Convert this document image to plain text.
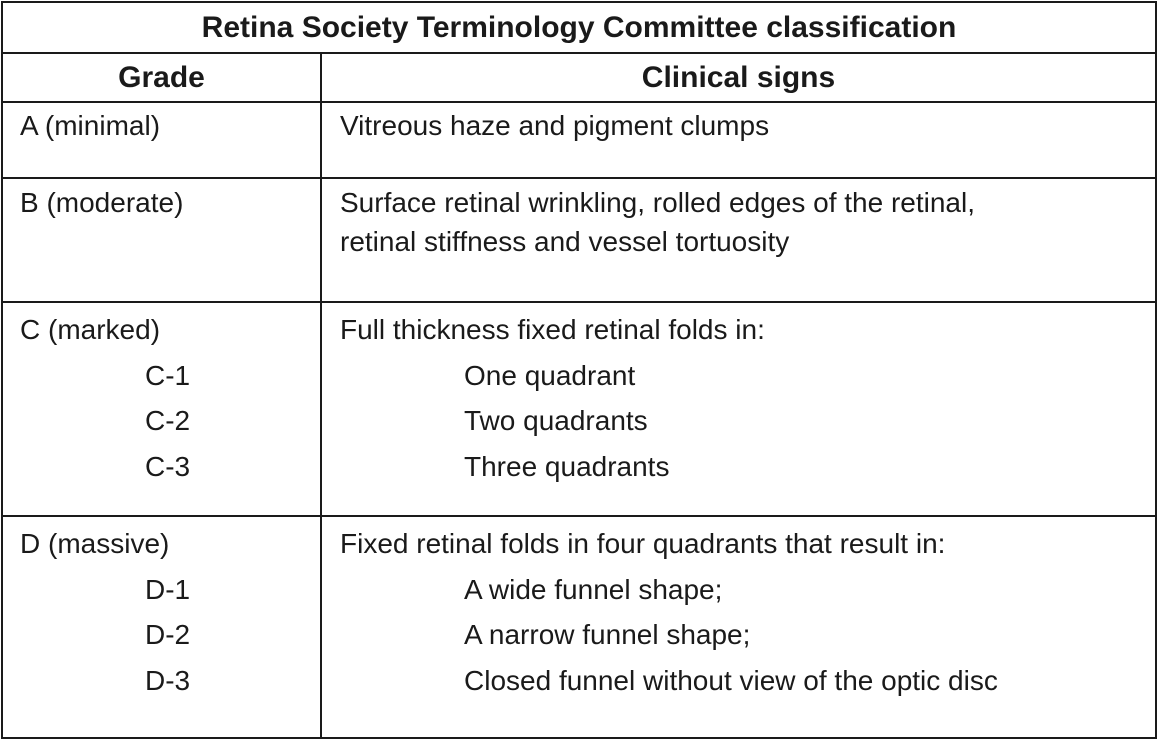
Retina Society Terminology Committee classification
Grade	Clinical signs
A (minimal)	Vitreous haze and pigment clumps
B (moderate)	Surface retinal wrinkling, rolled edges of the retinal,
retinal stiffness and vessel tortuosity
C (marked)	Full thickness fixed retinal folds in:
C-1	One quadrant
C-2	Two quadrants
C-3	Three quadrants
D (massive)	Fixed retinal folds in four quadrants that result in:
D-1	A wide funnel shape;
D-2	A narrow funnel shape;
D-3	Closed funnel without view of the optic disc
